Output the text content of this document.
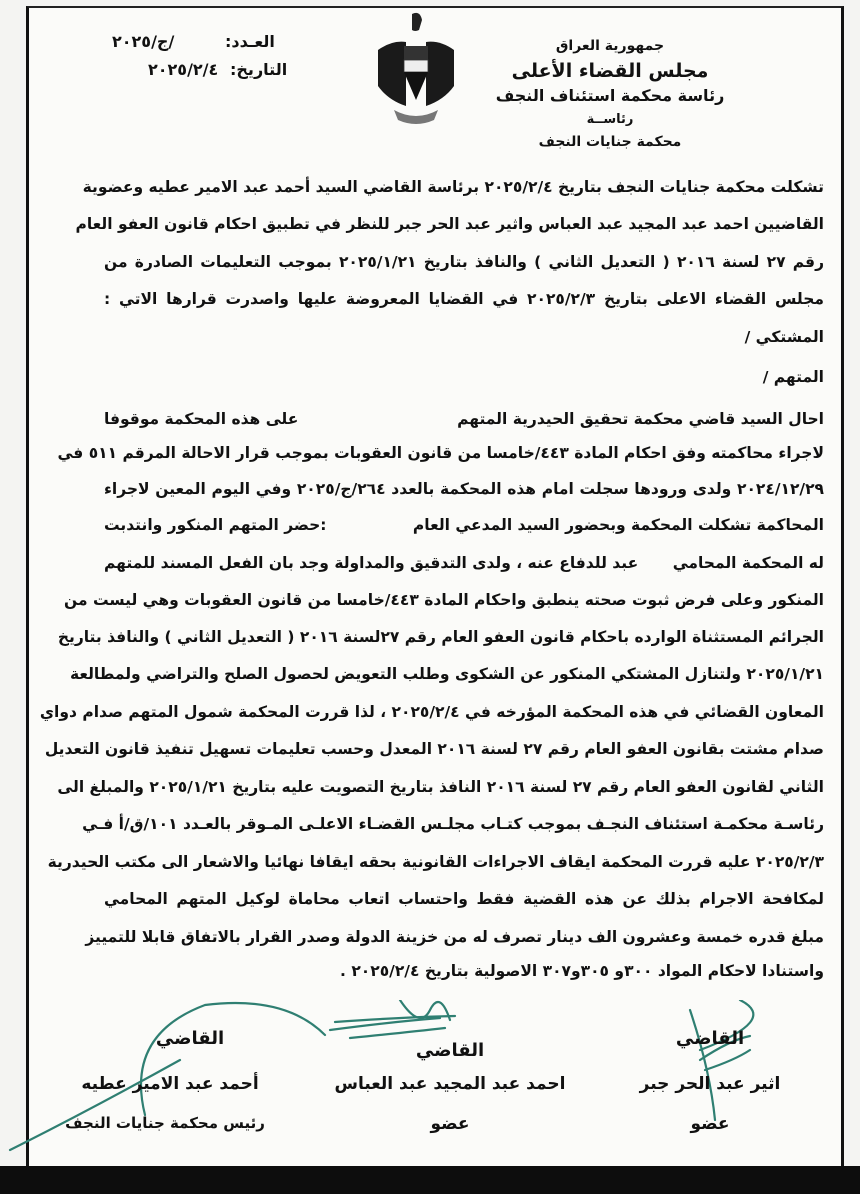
جمهورية العراق
مجلس القضاء الأعلى
رئاسة محكمة استئناف النجف
رئاســة
محكمة جنايات النجف
العـدد:
/ج/٢٠٢٥
التاريخ:
٢٠٢٥/٢/٤
تشكلت محكمة جنايات النجف بتاريخ ٢٠٢٥/٢/٤ برئاسة القاضي السيد أحمد عبد الامير عطيه وعضوية
القاضيين احمد عبد المجيد عبد العباس واثير عبد الحر جبر للنظر في تطبيق احكام قانون العفو العام
رقم ٢٧ لسنة ٢٠١٦ ( التعديل الثاني ) والنافذ بتاريخ ٢٠٢٥/١/٢١ بموجب التعليمات الصادرة من
مجلس القضاء الاعلى بتاريخ ٢٠٢٥/٢/٣ في القضايا المعروضة عليها واصدرت قرارها الاتي :
المشتكي /
المتهم /
احال السيد قاضي محكمة تحقيق الحيدرية المتهم
على هذه المحكمة موقوفا
لاجراء محاكمته وفق احكام المادة ٤٤٣/خامسا من قانون العقوبات بموجب قرار الاحالة المرقم ٥١١ في
٢٠٢٤/١٢/٢٩ ولدى ورودها سجلت امام هذه المحكمة بالعدد ٢٦٤/ج/٢٠٢٥ وفي اليوم المعين لاجراء
المحاكمة تشكلت المحكمة وبحضور السيد المدعي العام
:حضر المتهم المنكور وانتدبت
له المحكمة المحامي
عبد للدفاع عنه ، ولدى التدقيق والمداولة وجد بان الفعل المسند للمتهم
المنكور وعلى فرض ثبوت صحته ينطبق واحكام المادة ٤٤٣/خامسا من قانون العقوبات وهي ليست من
الجرائم المستثناة الوارده باحكام قانون العفو العام رقم ٢٧لسنة ٢٠١٦ ( التعديل الثاني ) والنافذ بتاريخ
٢٠٢٥/١/٢١ ولتنازل المشتكي المنكور عن الشكوى وطلب التعويض لحصول الصلح والتراضي ولمطالعة
المعاون القضائي في هذه المحكمة المؤرخه في ٢٠٢٥/٢/٤ ، لذا قررت المحكمة شمول المتهم صدام دواي
صدام مشتت بقانون العفو العام رقم ٢٧ لسنة ٢٠١٦ المعدل وحسب تعليمات تسهيل تنفيذ قانون التعديل
الثاني لقانون العفو العام رقم ٢٧ لسنة ٢٠١٦ النافذ بتاريخ التصويت عليه بتاريخ ٢٠٢٥/١/٢١ والمبلغ الى
رئاسـة محكمـة استئناف النجـف بموجب كتـاب مجلـس القضـاء الاعلـى المـوقر بالعـدد ١٠١/ق/أ فـي
٢٠٢٥/٢/٣ عليه قررت المحكمة ايقاف الاجراءات القانونية بحقه ايقافا نهائيا والاشعار الى مكتب الحيدرية
لمكافحة الاجرام بذلك عن هذه القضية فقط واحتساب اتعاب محاماة لوكيل المتهم المحامي
مبلغ قدره خمسة وعشرون الف دينار تصرف له من خزينة الدولة وصدر القرار بالاتفاق قابلا للتمييز
واستنادا لاحكام المواد ٣٠٠و ٣٠٥و٣٠٧ الاصولية بتاريخ ٢٠٢٥/٢/٤ .
القاضي
اثير عبد الحر جبر
عضو
القاضي
احمد عبد المجيد عبد العباس
عضو
القاضي
أحمد عبد الامير عطيه
رئيس محكمة جنايات النجف
